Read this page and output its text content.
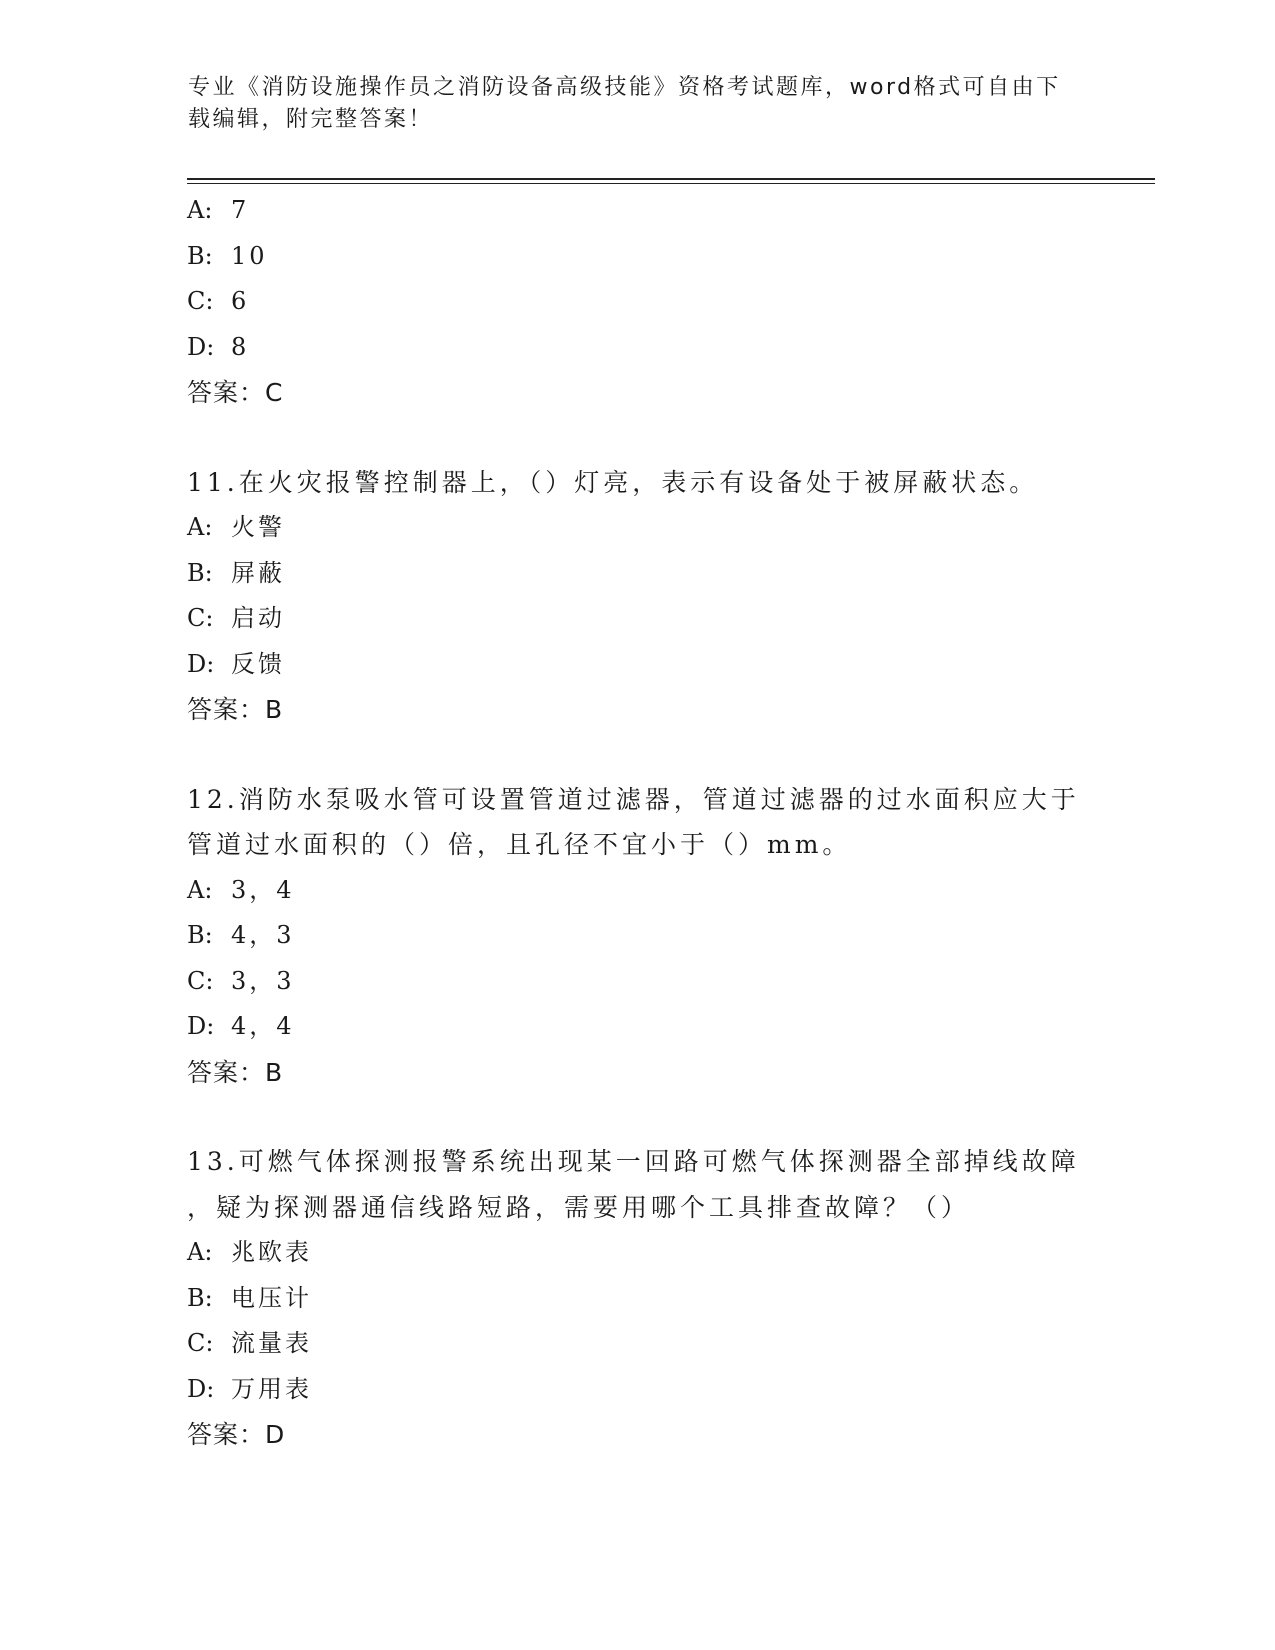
专业《消防设施操作员之消防设备高级技能》资格考试题库，word格式可自由下
载编辑，附完整答案！
A: 7
B: 10
C: 6
D: 8
答案：C
11.在火灾报警控制器上，（）灯亮，表示有设备处于被屏蔽状态。
A: 火警
B: 屏蔽
C: 启动
D: 反馈
答案：B
12.消防水泵吸水管可设置管道过滤器，管道过滤器的过水面积应大于
管道过水面积的（）倍，且孔径不宜小于（）mm。
A: 3，4
B: 4，3
C: 3，3
D: 4，4
答案：B
13.可燃气体探测报警系统出现某一回路可燃气体探测器全部掉线故障
，疑为探测器通信线路短路，需要用哪个工具排查故障？（）
A: 兆欧表
B: 电压计
C: 流量表
D: 万用表
答案：D
